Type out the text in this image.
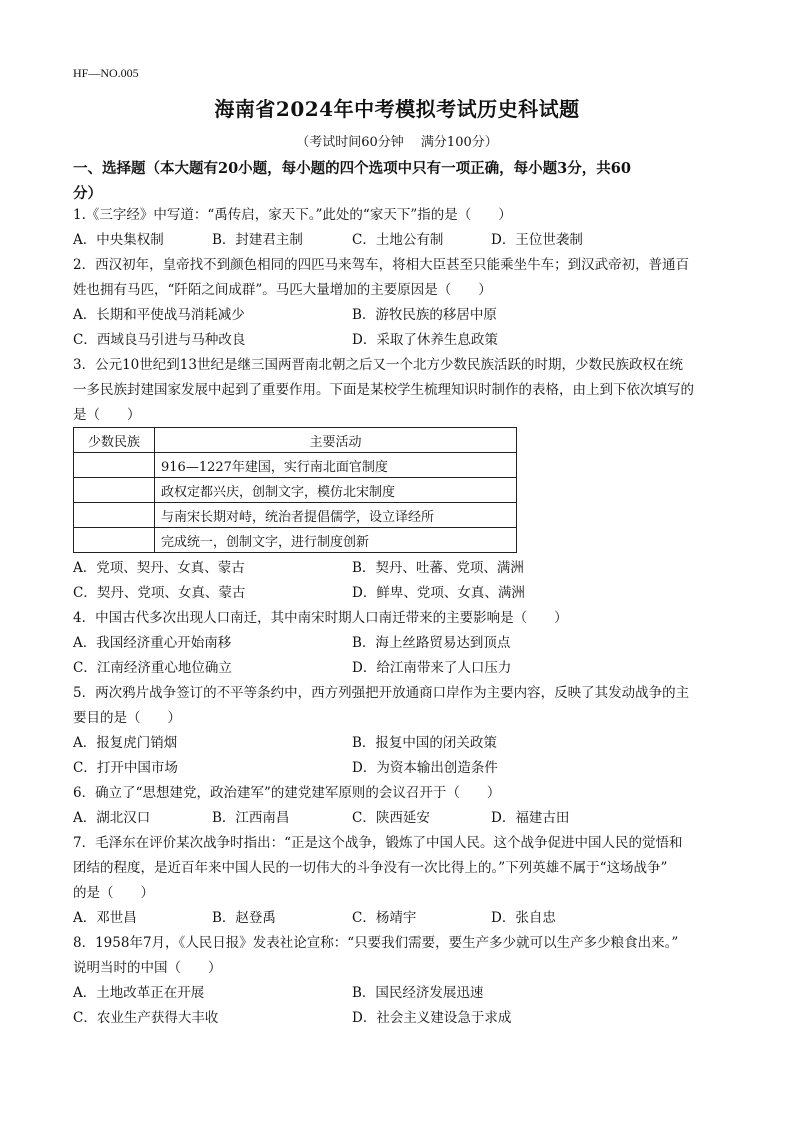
HF—NO.005
海南省2024年中考模拟考试历史科试题
（考试时间60分钟　 满分100分）
一、选择题（本大题有20小题，每小题的四个选项中只有一项正确，每小题3分，共60
分）
1.《三字经》中写道：“禹传启，家天下。”此处的“家天下”指的是（　　）
A．中央集权制	B．封建君主制	C．土地公有制	D．王位世袭制
2．西汉初年，皇帝找不到颜色相同的四匹马来驾车，将相大臣甚至只能乘坐牛车；到汉武帝初，普通百
姓也拥有马匹，“阡陌之间成群”。马匹大量增加的主要原因是（　　）
A．长期和平使战马消耗减少	B．游牧民族的移居中原
C．西域良马引进与马种改良	D．采取了休养生息政策
3．公元10世纪到13世纪是继三国两晋南北朝之后又一个北方少数民族活跃的时期，少数民族政权在统
一多民族封建国家发展中起到了重要作用。下面是某校学生梳理知识时制作的表格，由上到下依次填写的
是（　　）
少数民族	主要活动
	916—1227年建国，实行南北面官制度
	政权定都兴庆，创制文字，模仿北宋制度
	与南宋长期对峙，统治者提倡儒学，设立译经所
	完成统一，创制文字，进行制度创新
A．党项、契丹、女真、蒙古	B．契丹、吐蕃、党项、满洲
C．契丹、党项、女真、蒙古	D．鲜卑、党项、女真、满洲
4．中国古代多次出现人口南迁，其中南宋时期人口南迁带来的主要影响是（　　）
A．我国经济重心开始南移	B．海上丝路贸易达到顶点
C．江南经济重心地位确立	D．给江南带来了人口压力
5．两次鸦片战争签订的不平等条约中，西方列强把开放通商口岸作为主要内容，反映了其发动战争的主
要目的是（　　）
A．报复虎门销烟	B．报复中国的闭关政策
C．打开中国市场	D．为资本输出创造条件
6．确立了“思想建党，政治建军”的建党建军原则的会议召开于（　　）
A．湖北汉口	B．江西南昌	C．陕西延安	D．福建古田
7．毛泽东在评价某次战争时指出：“正是这个战争，锻炼了中国人民。这个战争促进中国人民的觉悟和
团结的程度，是近百年来中国人民的一切伟大的斗争没有一次比得上的。”下列英雄不属于“这场战争”
的是（　　）
A．邓世昌	B．赵登禹	C．杨靖宇	D．张自忠
8．1958年7月，《人民日报》发表社论宣称：“只要我们需要，要生产多少就可以生产多少粮食出来。”
说明当时的中国（　　）
A．土地改革正在开展	B．国民经济发展迅速
C．农业生产获得大丰收	D．社会主义建设急于求成
